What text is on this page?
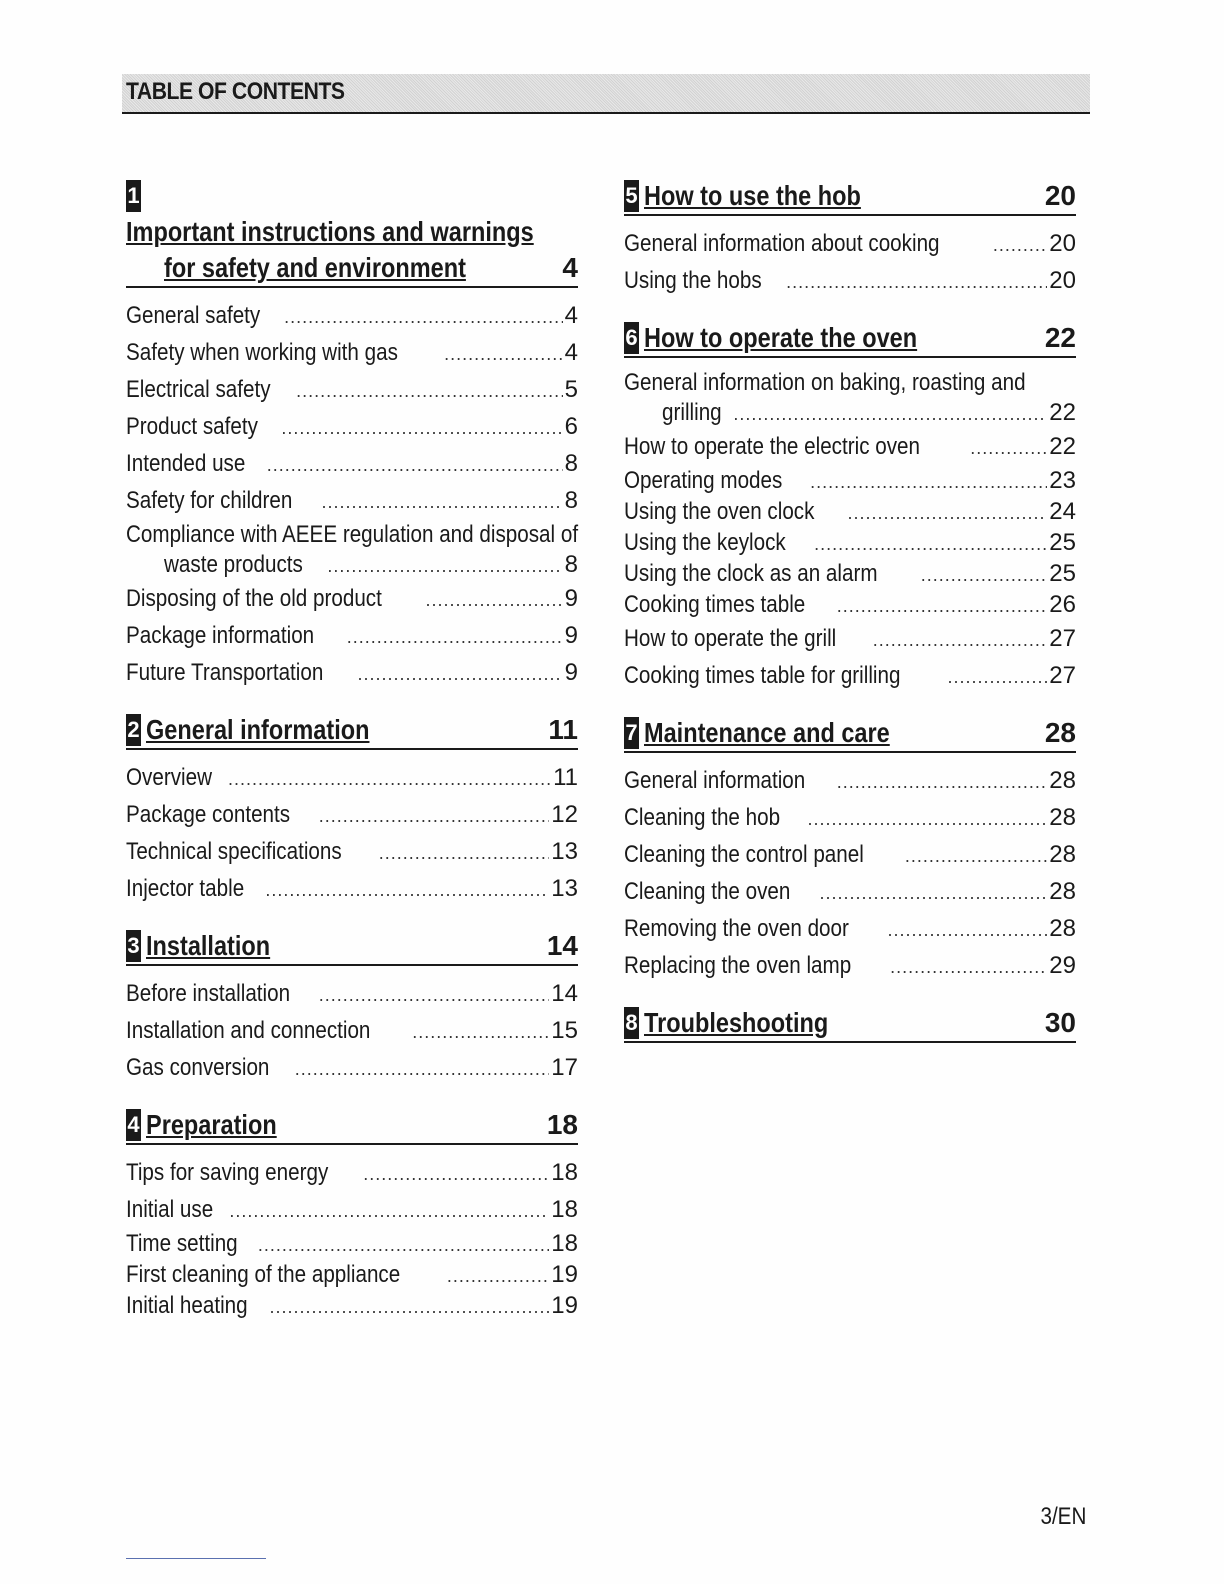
TABLE OF CONTENTS
1Important instructions and warnings
for safety and environment	4
General safety . . .	4
Safety when working with gas . . .	4
Electrical safety . . .	5
Product safety . . .	6
Intended use . . .	8
Safety for children . . .	8
Compliance with AEEE regulation and disposal of
waste products . . .	8
Disposing of the old product . . .	9
Package information . . .	9
Future Transportation . . .	9
2 General information	11
Overview . . .	11
Package contents . . .	12
Technical specifications . . .	13
Injector table . . .	13
3 Installation	14
Before installation . . .	14
Installation and connection . . .	15
Gas conversion . . .	17
4 Preparation	18
Tips for saving energy . . .	18
Initial use . . .	18
Time setting . . .	18
First cleaning of the appliance . . .	19
Initial heating . . .	19
5 How to use the hob	20
General information about cooking . . .	20
Using the hobs . . .	20
6 How to operate the oven	22
General information on baking, roasting and
grilling . . .	22
How to operate the electric oven . . .	22
Operating modes . . .	23
Using the oven clock . . .	24
Using the keylock . . .	25
Using the clock as an alarm . . .	25
Cooking times table . . .	26
How to operate the grill . . .	27
Cooking times table for grilling . . .	27
7 Maintenance and care	28
General information . . .	28
Cleaning the hob . . .	28
Cleaning the control panel . . .	28
Cleaning the oven . . .	28
Removing the oven door . . .	28
Replacing the oven lamp . . .	29
8 Troubleshooting	30
3/EN
